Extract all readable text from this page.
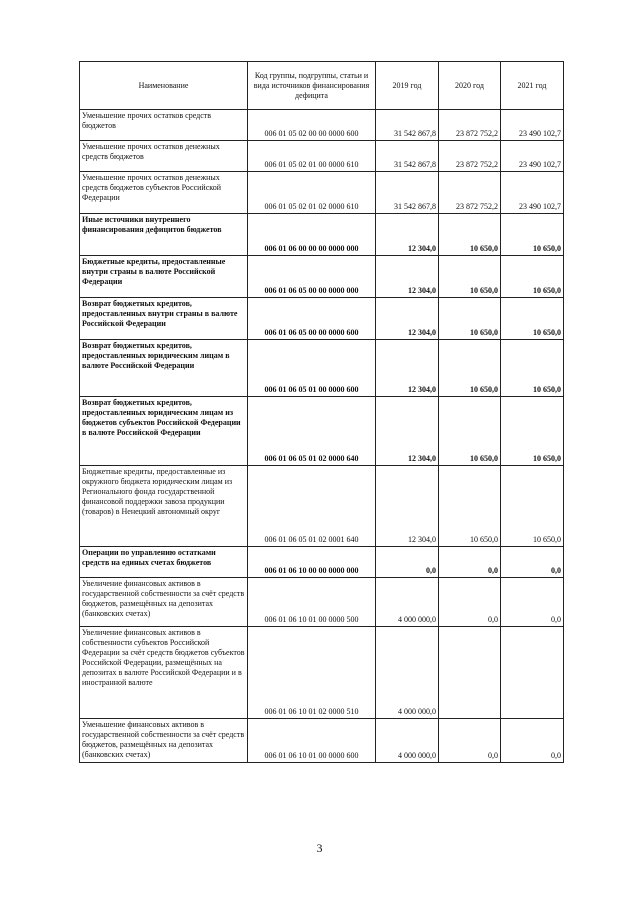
Наименование	Код группы, подгруппы, статьи и вида источников финансирования дефицита	2019 год	2020 год	2021 год
Уменьшение прочих остатков средств бюджетов	006 01 05 02 00 00 0000 600	31 542 867,8	23 872 752,2	23 490 102,7
Уменьшение прочих остатков денежных средств бюджетов	006 01 05 02 01 00 0000 610	31 542 867,8	23 872 752,2	23 490 102,7
Уменьшение прочих остатков денежных средств бюджетов субъектов Российской Федерации	006 01 05 02 01 02 0000 610	31 542 867,8	23 872 752,2	23 490 102,7
Иные источники внутреннего финансирования дефицитов бюджетов	006 01 06 00 00 00 0000 000	12 304,0	10 650,0	10 650,0
Бюджетные кредиты, предоставленные внутри страны в валюте Российской Федерации	006 01 06 05 00 00 0000 000	12 304,0	10 650,0	10 650,0
Возврат бюджетных кредитов, предоставленных внутри страны в валюте Российской Федерации	006 01 06 05 00 00 0000 600	12 304,0	10 650,0	10 650,0
Возврат бюджетных кредитов, предоставленных юридическим лицам в валюте Российской Федерации	006 01 06 05 01 00 0000 600	12 304,0	10 650,0	10 650,0
Возврат бюджетных кредитов, предоставленных юридическим лицам из бюджетов субъектов Российской Федерации в валюте Российской Федерации	006 01 06 05 01 02 0000 640	12 304,0	10 650,0	10 650,0
Бюджетные кредиты, предоставленные из окружного бюджета юридическим лицам из Регионального фонда государственной финансовой поддержки завоза продукции (товаров) в Ненецкий автономный округ	006 01 06 05 01 02 0001 640	12 304,0	10 650,0	10 650,0
Операции по управлению остатками средств на единых счетах бюджетов	006 01 06 10 00 00 0000 000	0,0	0,0	0,0
Увеличение финансовых активов в государственной собственности за счёт средств бюджетов, размещённых на депозитах (банковских счетах)	006 01 06 10 01 00 0000 500	4 000 000,0	0,0	0,0
Увеличение финансовых активов в собственности субъектов Российской Федерации за счёт средств бюджетов субъектов Российской Федерации, размещённых на депозитах в валюте Российской Федерации и в иностранной валюте	006 01 06 10 01 02 0000 510	4 000 000,0		
Уменьшение финансовых активов в государственной собственности за счёт средств бюджетов, размещённых на депозитах (банковских счетах)	006 01 06 10 01 00 0000 600	4 000 000,0	0,0	0,0
3
